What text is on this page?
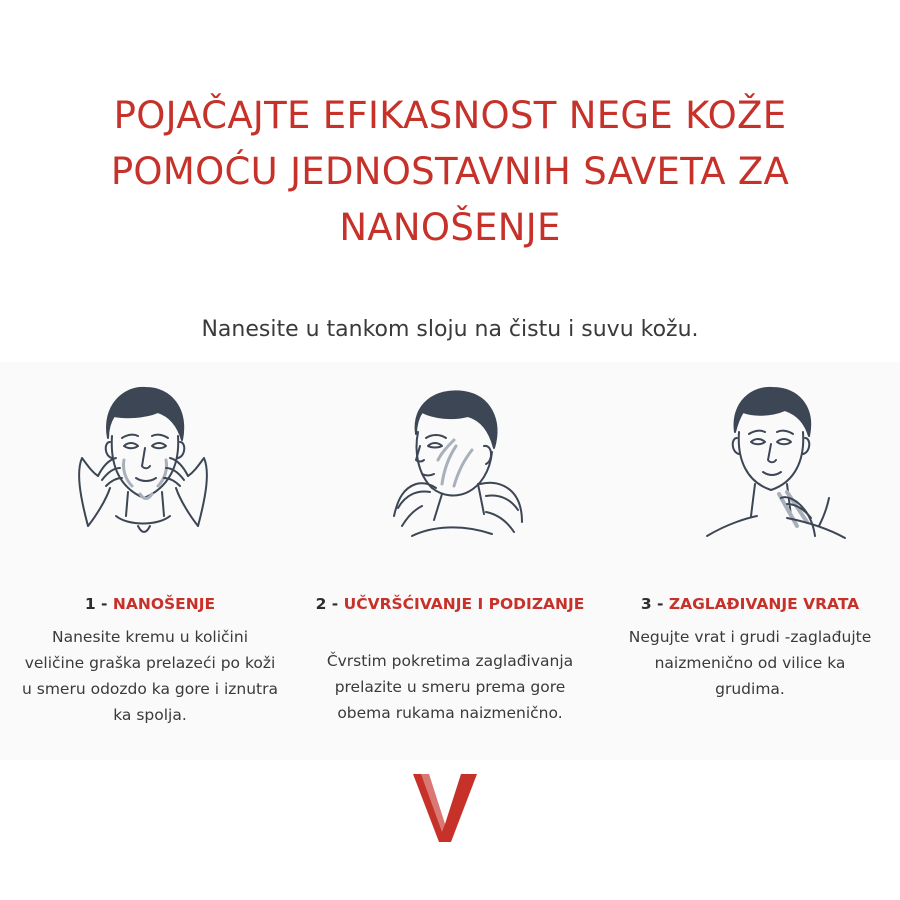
POJAČAJTE EFIKASNOST NEGE KOŽE
POMOĆU JEDNOSTAVNIH SAVETA ZA
NANOŠENJE

Nanesite u tankom sloju na čistu i suvu kožu.

1 - NANOŠENJE

Nanesite kremu u količini veličine graška prelazeći po koži u smeru odozdo ka gore i iznutra ka spolja.

2 - UČVRŠĆIVANJE I PODIZANJE

Čvrstim pokretima zaglađivanja prelazite u smeru prema gore obema rukama naizmenično.

3 - ZAGLAĐIVANJE VRATA

Negujte vrat i grudi -zaglađujte naizmenično od vilice ka grudima.
